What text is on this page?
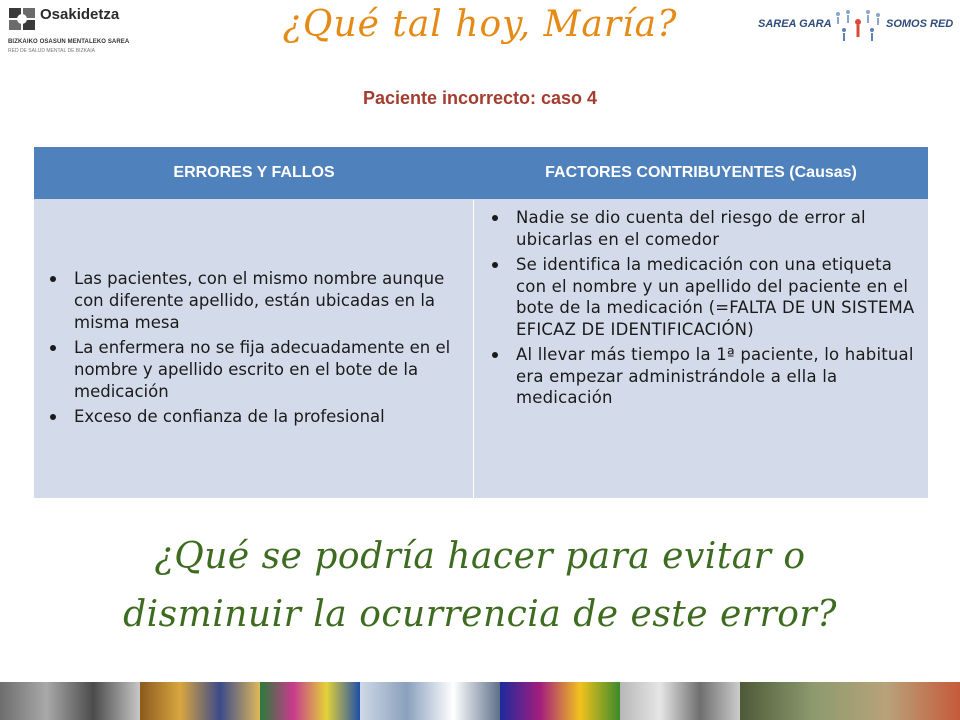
Osakidetza
BIZKAIKO OSASUN MENTALEKO SAREA
RED DE SALUD MENTAL DE BIZKAIA
¿Qué tal hoy, María?
Paciente incorrecto: caso 4
SAREA GARA	SOMOS RED
ERRORES Y FALLOS	FACTORES CONTRIBUYENTES (Causas)
Las pacientes, con el mismo nombre aunque con diferente apellido, están ubicadas en la misma mesa
La enfermera no se fija adecuadamente en el nombre y apellido escrito en el bote de la medicación
Exceso de confianza de la profesional
Nadie se dio cuenta del riesgo de error al ubicarlas en el comedor
Se identifica la medicación con una etiqueta con el nombre y un apellido del paciente en el bote de la medicación (=FALTA DE UN SISTEMA EFICAZ DE IDENTIFICACIÓN)
Al llevar más tiempo la 1ª paciente, lo habitual era empezar administrándole a ella la medicación
¿Qué se podría hacer para evitar o disminuir la ocurrencia de este error?
